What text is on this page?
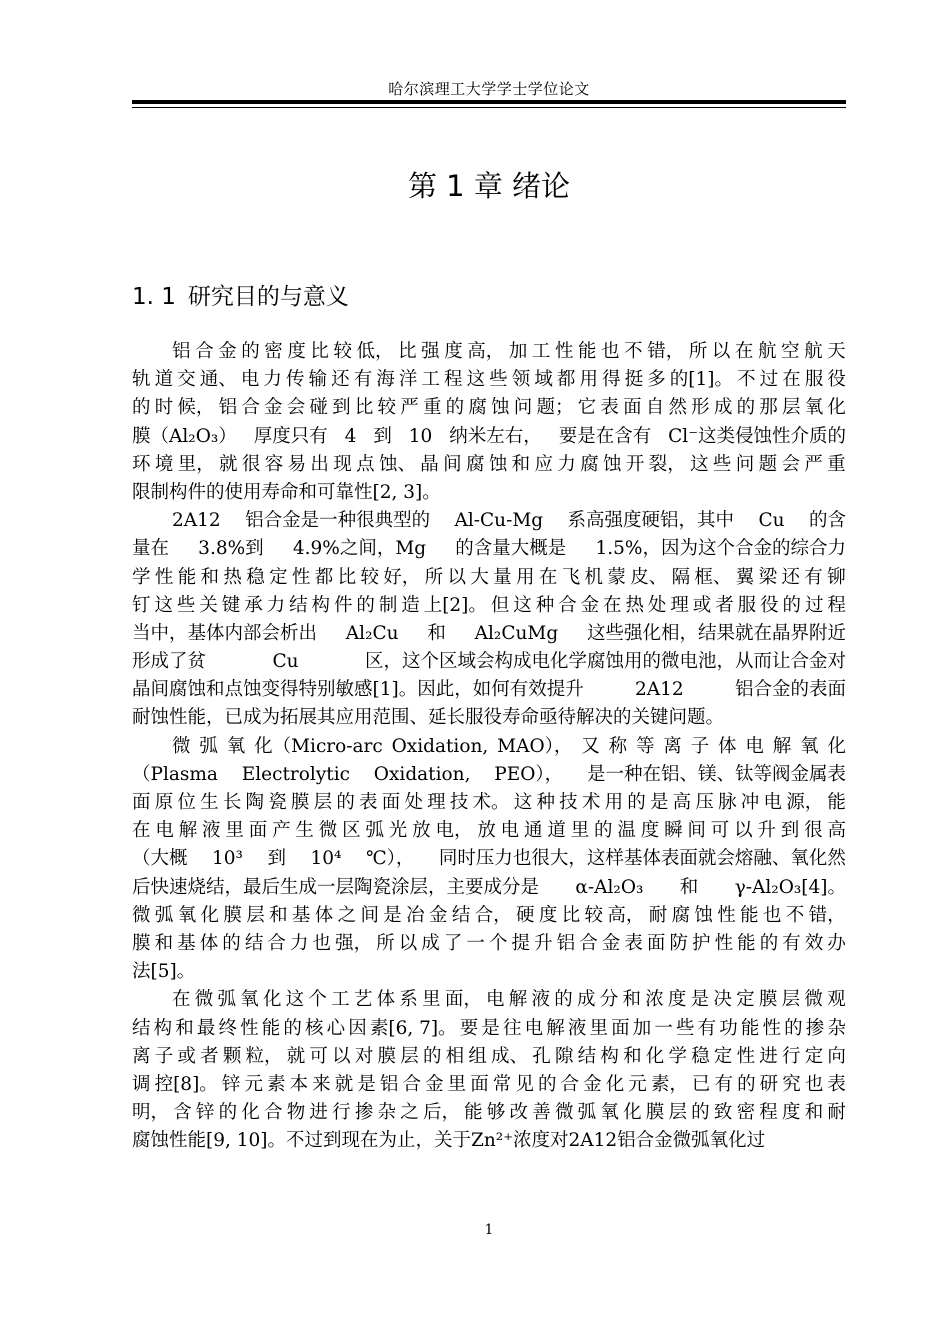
哈尔滨理工大学学士学位论文
第 1 章 绪论
1. 1 研究目的与意义
铝 合 金 的 密 度 比 较 低， 比 强 度 高， 加 工 性 能 也 不 错， 所 以 在 航 空 航 天
轨 道 交 通、 电 力 传 输 还 有 海 洋 工 程 这 些 领 域 都 用 得 挺 多 的[1]。 不 过 在 服 役
的 时 候， 铝 合 金 会 碰 到 比 较 严 重 的 腐 蚀 问 题； 它 表 面 自 然 形 成 的 那 层 氧 化
膜（Al₂O₃） 厚度只有 4 到 10 纳米左右， 要是在含有 Cl⁻这类侵蚀性介质的
环 境 里， 就 很 容 易 出 现 点 蚀、 晶 间 腐 蚀 和 应 力 腐 蚀 开 裂， 这 些 问 题 会 严 重
限制构件的使用寿命和可靠性[2, 3]。
2A12 铝合金是一种很典型的 Al-Cu-Mg 系高强度硬铝，其中 Cu 的含
量在 3.8%到 4.9%之间，Mg 的含量大概是 1.5%，因为这个合金的综合力
学 性 能 和 热 稳 定 性 都 比 较 好， 所 以 大 量 用 在 飞 机 蒙 皮、 隔 框、 翼 梁 还 有 铆
钉 这 些 关 键 承 力 结 构 件 的 制 造 上[2]。 但 这 种 合 金 在 热 处 理 或 者 服 役 的 过 程
当中，基体内部会析出 Al₂Cu 和 Al₂CuMg 这些强化相，结果就在晶界附近
形成了贫	Cu	区，这个区域会构成电化学腐蚀用的微电池，从而让合金对
晶间腐蚀和点蚀变得特别敏感[1]。因此，如何有效提升	2A12	铝合金的表面
耐蚀性能，已成为拓展其应用范围、延长服役寿命亟待解决的关键问题。
微 弧 氧 化（Micro-arc Oxidation, MAO）， 又 称 等 离 子 体 电 解 氧 化
（Plasma Electrolytic Oxidation, PEO）， 是一种在铝、镁、钛等阀金属表
面 原 位 生 长 陶 瓷 膜 层 的 表 面 处 理 技 术。 这 种 技 术 用 的 是 高 压 脉 冲 电 源， 能
在 电 解 液 里 面 产 生 微 区 弧 光 放 电， 放 电 通 道 里 的 温 度 瞬 间 可 以 升 到 很 高
（大概 10³ 到 10⁴ ℃）， 同时压力也很大，这样基体表面就会熔融、氧化然
后快速烧结，最后生成一层陶瓷涂层，主要成分是 α-Al₂O₃ 和 γ-Al₂O₃[4]。
微 弧 氧 化 膜 层 和 基 体 之 间 是 冶 金 结 合， 硬 度 比 较 高， 耐 腐 蚀 性 能 也 不 错，
膜 和 基 体 的 结 合 力 也 强， 所 以 成 了 一 个 提 升 铝 合 金 表 面 防 护 性 能 的 有 效 办
法[5]。
在 微 弧 氧 化 这 个 工 艺 体 系 里 面， 电 解 液 的 成 分 和 浓 度 是 决 定 膜 层 微 观
结 构 和 最 终 性 能 的 核 心 因 素[6, 7]。 要 是 往 电 解 液 里 面 加 一 些 有 功 能 性 的 掺 杂
离 子 或 者 颗 粒， 就 可 以 对 膜 层 的 相 组 成、 孔 隙 结 构 和 化 学 稳 定 性 进 行 定 向
调 控[8]。 锌 元 素 本 来 就 是 铝 合 金 里 面 常 见 的 合 金 化 元 素， 已 有 的 研 究 也 表
明， 含 锌 的 化 合 物 进 行 掺 杂 之 后， 能 够 改 善 微 弧 氧 化 膜 层 的 致 密 程 度 和 耐
腐蚀性能[9, 10]。不过到现在为止，关于 Zn²⁺浓度对 2A12 铝合金微弧氧化过
1
